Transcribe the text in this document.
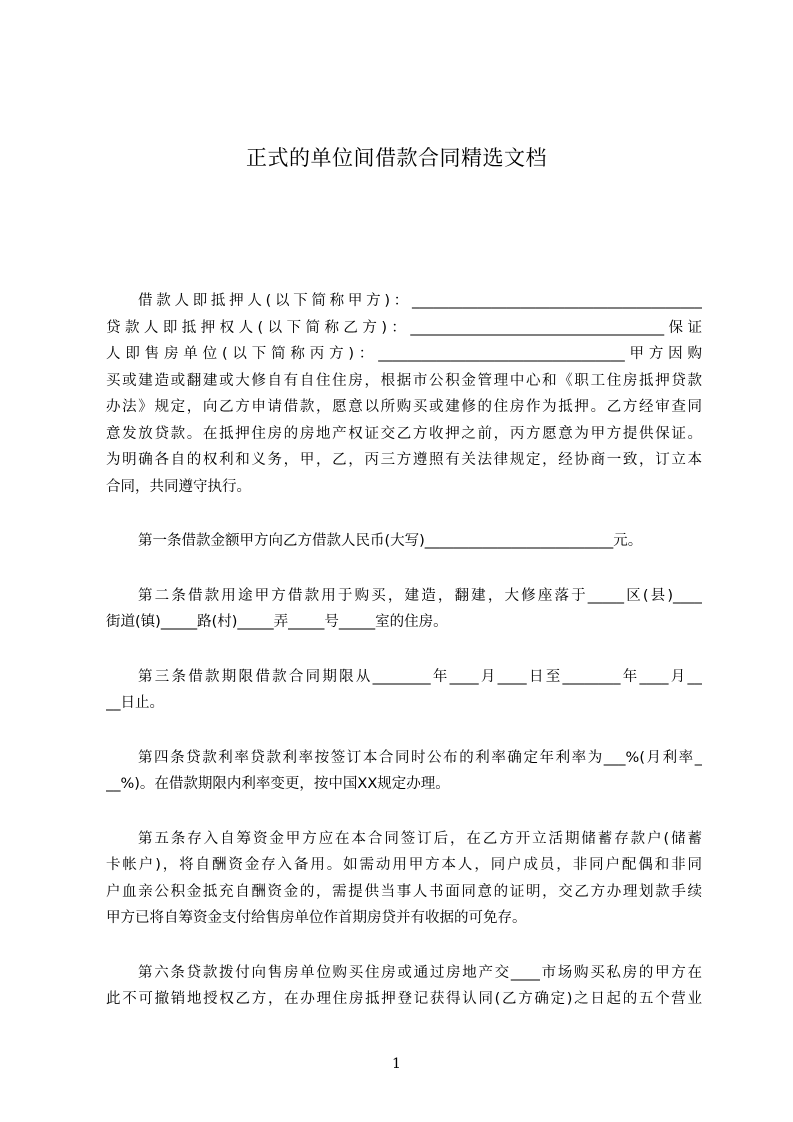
正式的单位间借款合同精选文档
借款人即抵押人(以下简称甲方)：________________________________________
贷款人即抵押权人(以下简称乙方)：___________________________________保证
人即售房单位(以下简称丙方)：__________________________________甲方因购
买或建造或翻建或大修自有自住住房，根据市公积金管理中心和《职工住房抵押贷款
办法》规定，向乙方申请借款，愿意以所购买或建修的住房作为抵押。乙方经审查同
意发放贷款。在抵押住房的房地产权证交乙方收押之前，丙方愿意为甲方提供保证。
为明确各自的权利和义务，甲，乙，丙三方遵照有关法律规定，经协商一致，订立本
合同，共同遵守执行。
第一条借款金额甲方向乙方借款人民币(大写)__________________________元。
第二条借款用途甲方借款用于购买，建造，翻建，大修座落于_____区(县)____
街道(镇)_____路(村)_____弄_____号_____室的住房。
第三条借款期限借款合同期限从________年____月____日至________年____月__
__日止。
第四条贷款利率贷款利率按签订本合同时公布的利率确定年利率为___%(月利率_
__%)。在借款期限内利率变更，按中国XX规定办理。
第五条存入自筹资金甲方应在本合同签订后，在乙方开立活期储蓄存款户(储蓄
卡帐户)，将自酬资金存入备用。如需动用甲方本人，同户成员，非同户配偶和非同
户血亲公积金抵充自酬资金的，需提供当事人书面同意的证明，交乙方办理划款手续
甲方已将自筹资金支付给售房单位作首期房贷并有收据的可免存。
第六条贷款拨付向售房单位购买住房或通过房地产交____市场购买私房的甲方在
此不可撤销地授权乙方，在办理住房抵押登记获得认同(乙方确定)之日起的五个营业
1
